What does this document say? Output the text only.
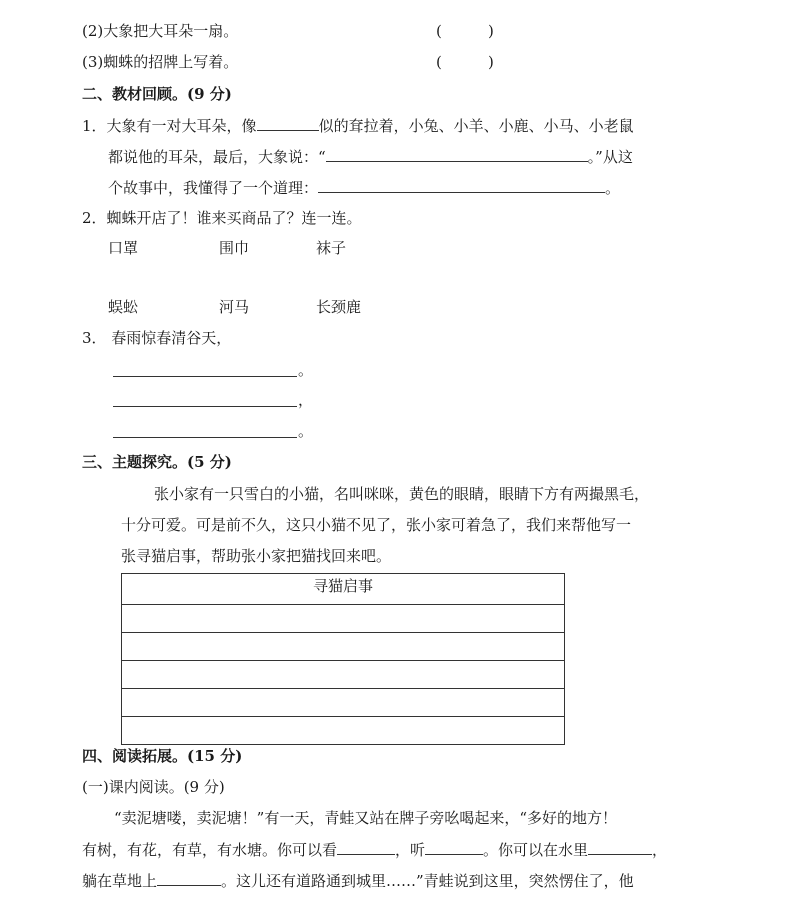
(2)大象把大耳朵一扇。	(	)
(3)蜘蛛的招牌上写着。	(	)
二、教材回顾。(9 分)
1．大象有一对大耳朵，像	似的耷拉着，小兔、小羊、小鹿、小马、小老鼠
都说他的耳朵，最后，大象说：“	。”从这
个故事中，我懂得了一个道理：	。
2．蜘蛛开店了！谁来买商品了？连一连。
口罩	围巾	袜子
蜈蚣	河马	长颈鹿
3． 春雨惊春清谷天，
。
，
。
三、主题探究。(5 分)
张小家有一只雪白的小猫，名叫咪咪，黄色的眼睛，眼睛下方有两撮黑毛，
十分可爱。可是前不久，这只小猫不见了，张小家可着急了，我们来帮他写一
张寻猫启事，帮助张小家把猫找回来吧。
寻猫启事
四、阅读拓展。(15 分)
(一)课内阅读。(9 分)
“卖泥塘喽，卖泥塘！”有一天，青蛙又站在牌子旁吆喝起来，“多好的地方！
有树，有花，有草，有水塘。你可以看	，听	。你可以在水里	，
躺在草地上	。这儿还有道路通到城里……”青蛙说到这里，突然愣住了，他
